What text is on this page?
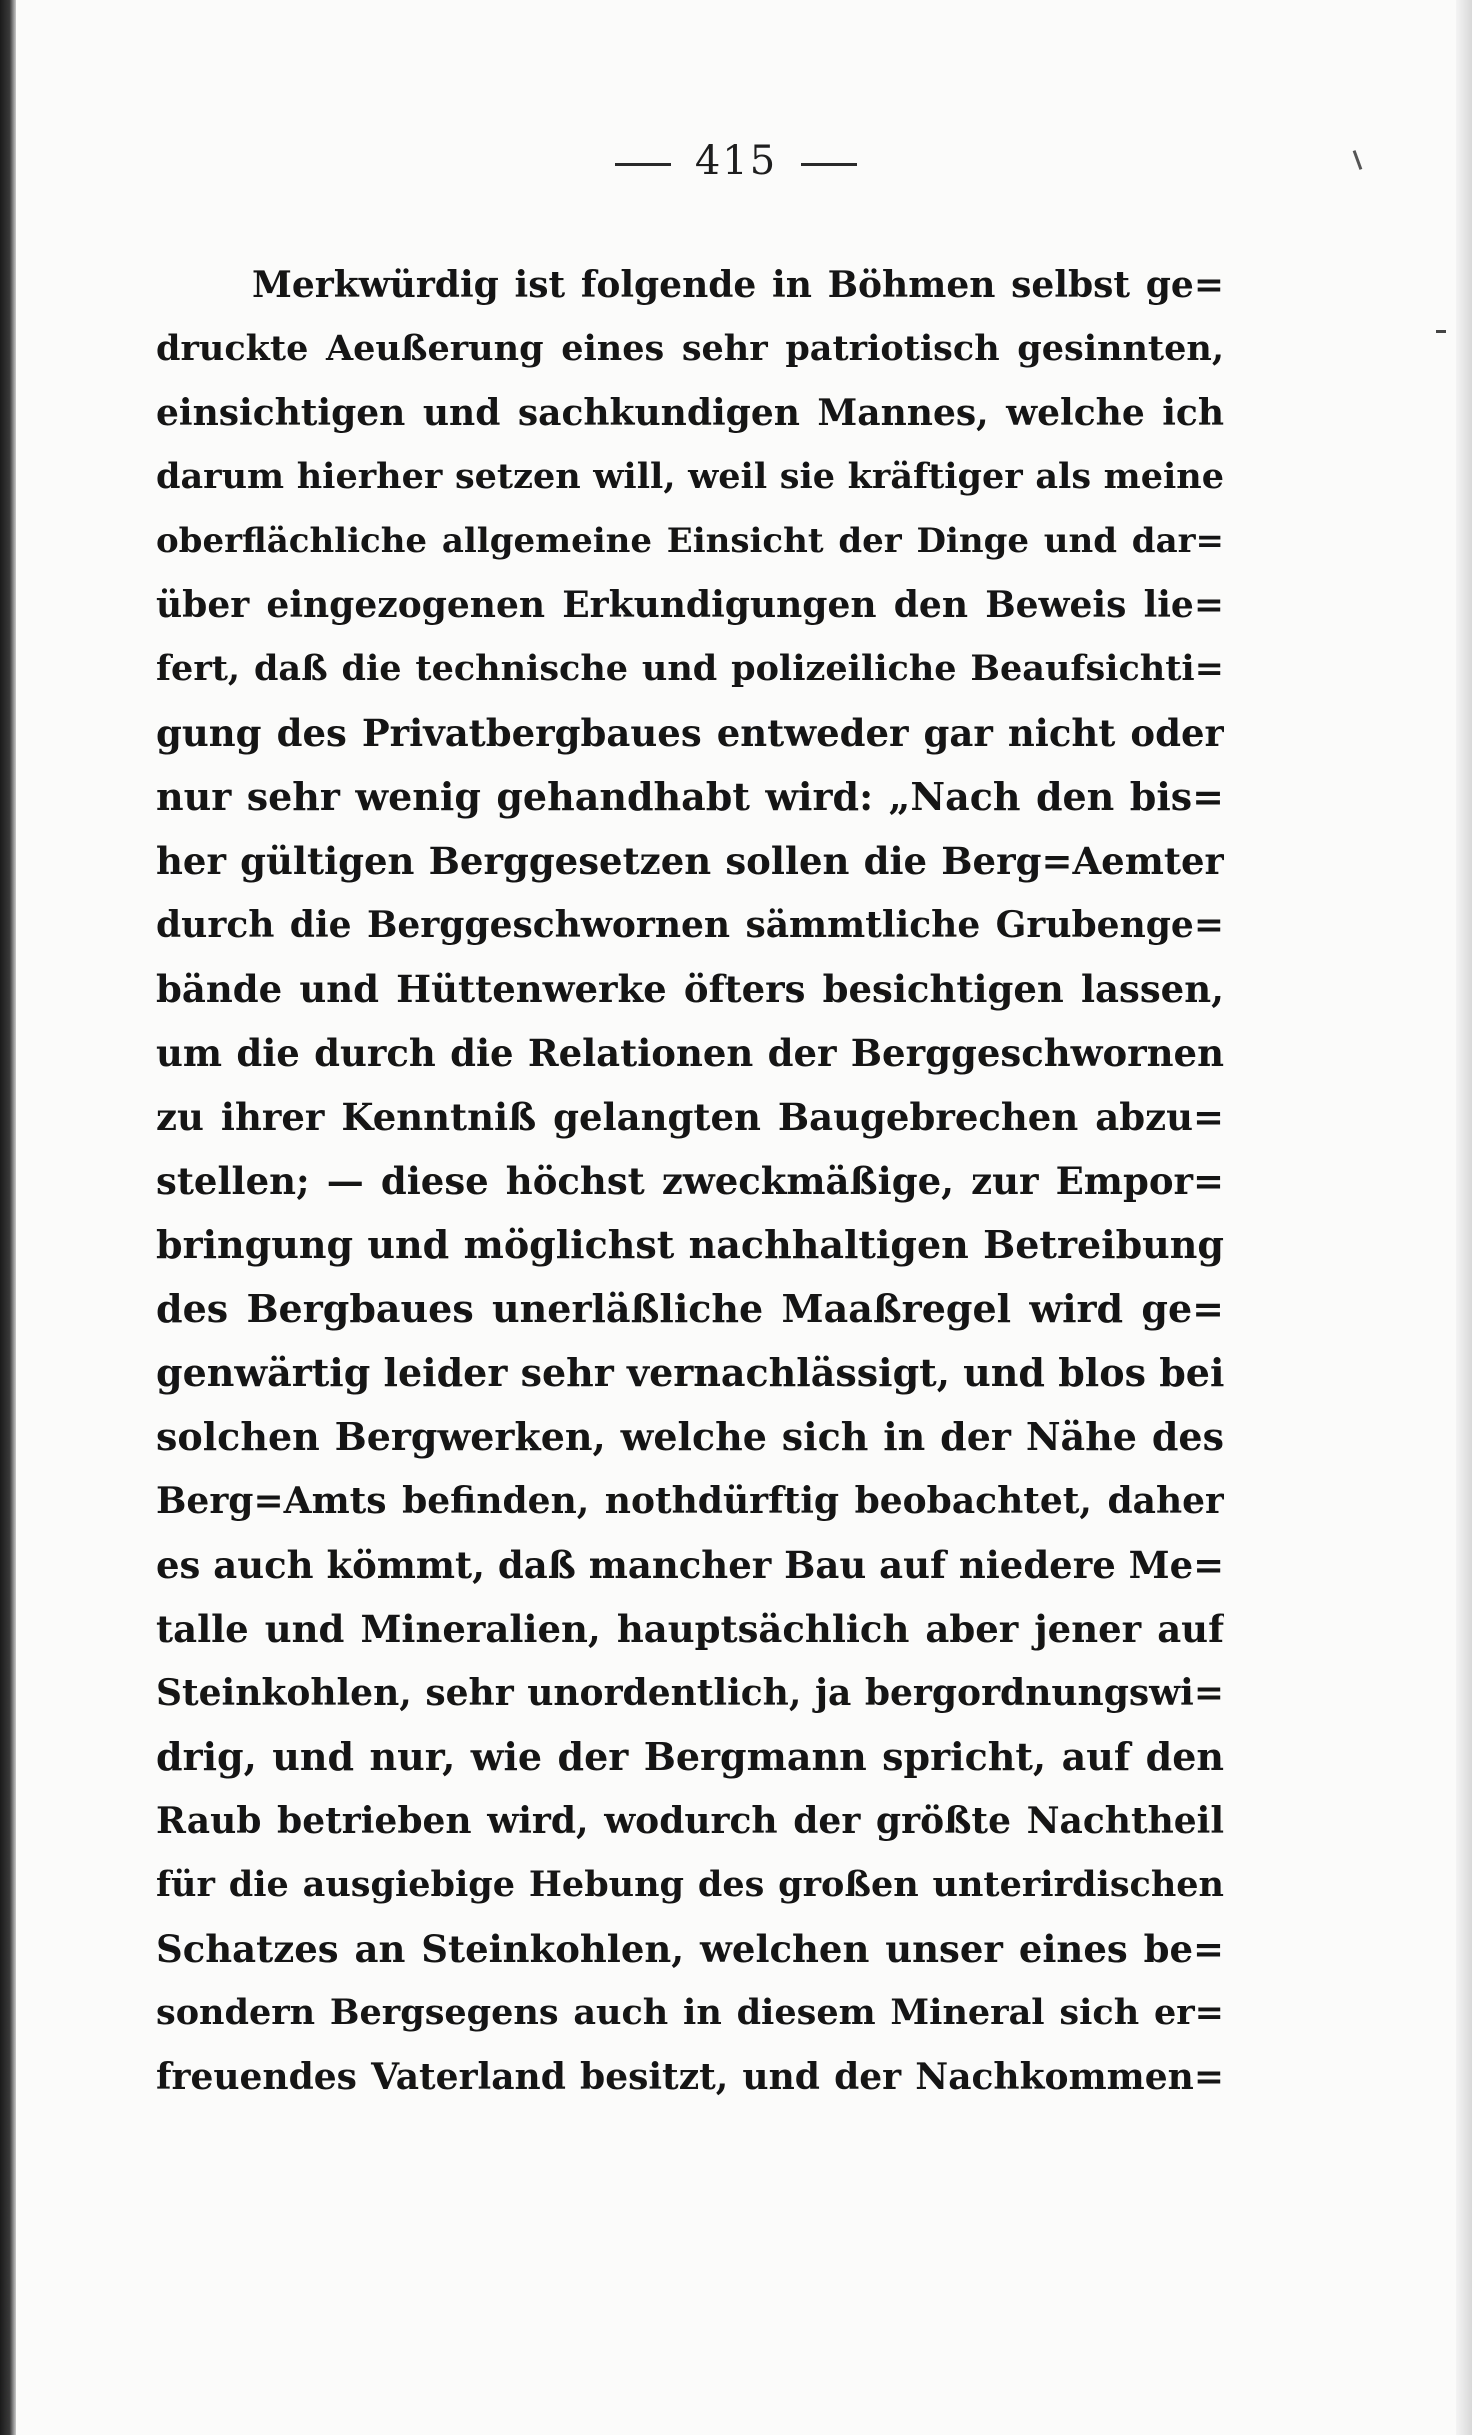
415
Merkwürdig ist folgende in Böhmen selbst ge=
druckte Aeußerung eines sehr patriotisch gesinnten,
einsichtigen und sachkundigen Mannes, welche ich
darum hierher setzen will, weil sie kräftiger als meine
oberflächliche allgemeine Einsicht der Dinge und dar=
über eingezogenen Erkundigungen den Beweis lie=
fert, daß die technische und polizeiliche Beaufsichti=
gung des Privatbergbaues entweder gar nicht oder
nur sehr wenig gehandhabt wird: „Nach den bis=
her gültigen Berggesetzen sollen die Berg=Aemter
durch die Berggeschwornen sämmtliche Grubenge=
bände und Hüttenwerke öfters besichtigen lassen,
um die durch die Relationen der Berggeschwornen
zu ihrer Kenntniß gelangten Baugebrechen abzu=
stellen; — diese höchst zweckmäßige, zur Empor=
bringung und möglichst nachhaltigen Betreibung
des Bergbaues unerläßliche Maaßregel wird ge=
genwärtig leider sehr vernachlässigt, und blos bei
solchen Bergwerken, welche sich in der Nähe des
Berg=Amts befinden, nothdürftig beobachtet, daher
es auch kömmt, daß mancher Bau auf niedere Me=
talle und Mineralien, hauptsächlich aber jener auf
Steinkohlen, sehr unordentlich, ja bergordnungswi=
drig, und nur, wie der Bergmann spricht, auf den
Raub betrieben wird, wodurch der größte Nachtheil
für die ausgiebige Hebung des großen unterirdischen
Schatzes an Steinkohlen, welchen unser eines be=
sondern Bergsegens auch in diesem Mineral sich er=
freuendes Vaterland besitzt, und der Nachkommen=
